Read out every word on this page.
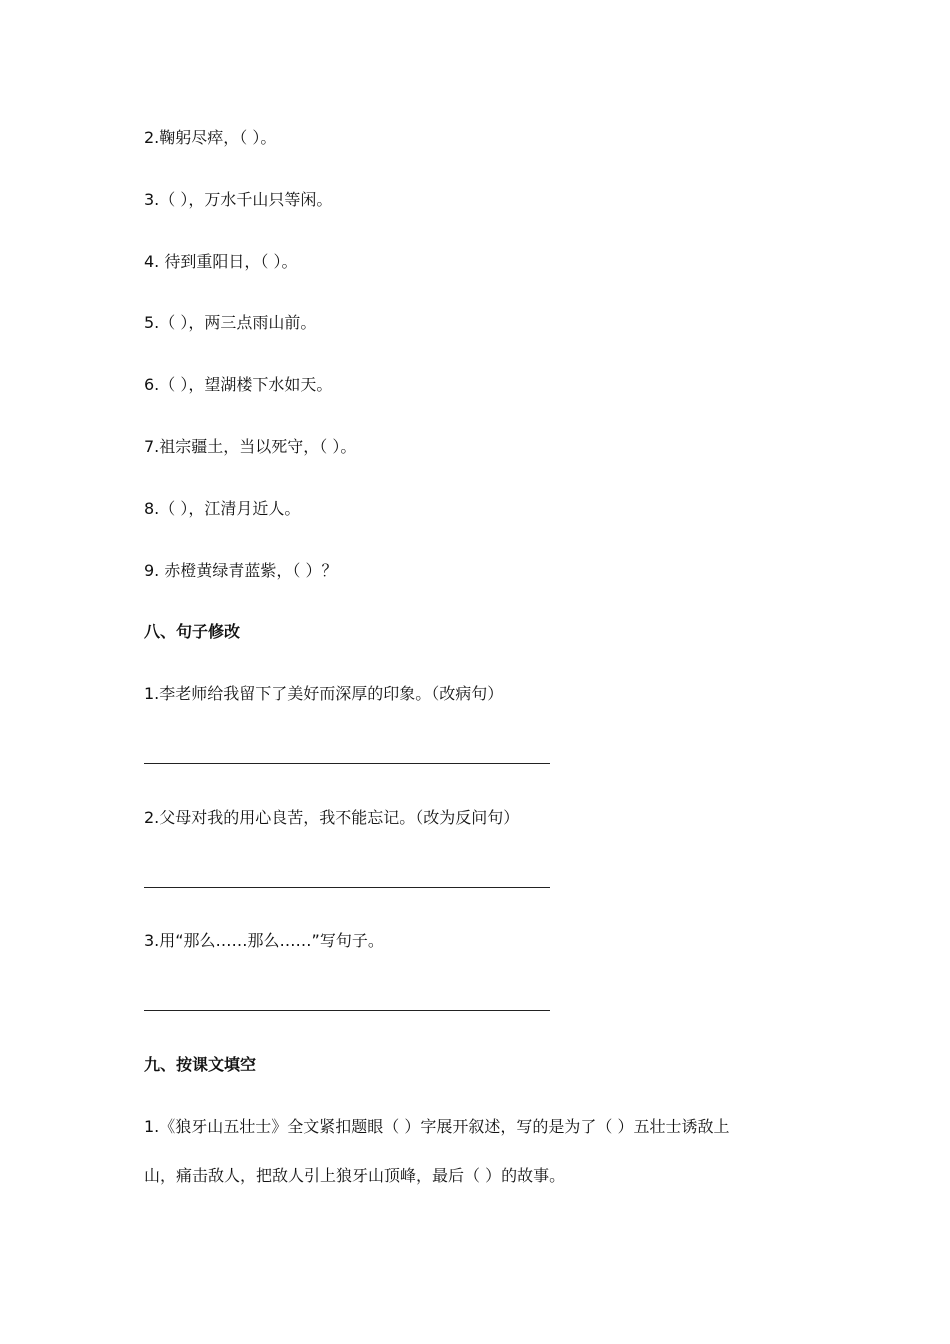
2.鞠躬尽瘁，（ ）。
3.（ ），万水千山只等闲。
4. 待到重阳日，（ ）。
5.（ ），两三点雨山前。
6.（ ），望湖楼下水如天。
7.祖宗疆土，当以死守，（ ）。
8.（ ），江清月近人。
9. 赤橙黄绿青蓝紫，（ ）？
八、句子修改
1.李老师给我留下了美好而深厚的印象。（改病句）
2.父母对我的用心良苦，我不能忘记。（改为反问句）
3.用“那么……那么……”写句子。
九、按课文填空
1.《狼牙山五壮士》全文紧扣题眼（ ）字展开叙述，写的是为了（ ）五壮士诱敌上
山，痛击敌人，把敌人引上狼牙山顶峰，最后（ ）的故事。
